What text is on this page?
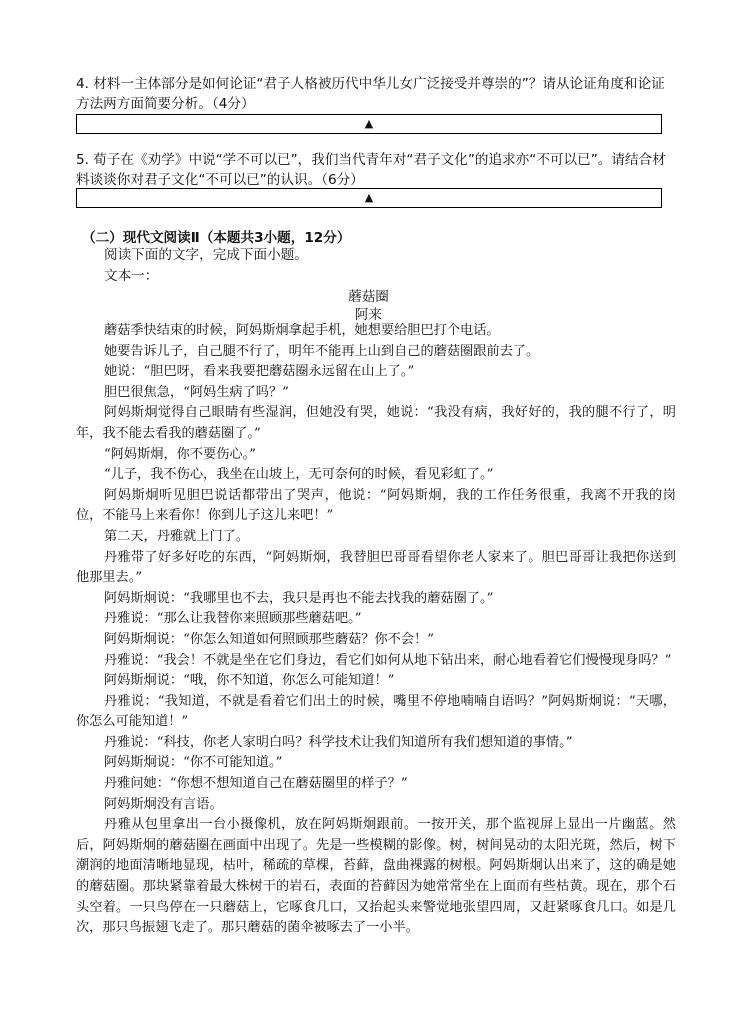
4. 材料一主体部分是如何论证“君子人格被历代中华儿女广泛接受并尊崇的”？请从论证角度和论证方法两方面简要分析。（4分）
▲
5. 荀子在《劝学》中说“学不可以已”，我们当代青年对“君子文化”的追求亦“不可以已”。请结合材料谈谈你对君子文化“不可以已”的认识。（6分）
▲
（二）现代文阅读Ⅱ（本题共3小题，12分）
阅读下面的文字，完成下面小题。
文本一：
蘑菇圈
阿来

蘑菇季快结束的时候，阿妈斯炯拿起手机，她想要给胆巴打个电话。

她要告诉儿子，自己腿不行了，明年不能再上山到自己的蘑菇圈跟前去了。

她说：“胆巴呀，看来我要把蘑菇圈永远留在山上了。”

胆巴很焦急，“阿妈生病了吗？”

阿妈斯炯觉得自己眼睛有些湿润，但她没有哭，她说：“我没有病，我好好的，我的腿不行了，明年，我不能去看我的蘑菇圈了。”

“阿妈斯炯，你不要伤心。”

“儿子，我不伤心，我坐在山坡上，无可奈何的时候，看见彩虹了。”

阿妈斯炯听见胆巴说话都带出了哭声，他说：“阿妈斯炯，我的工作任务很重，我离不开我的岗位，不能马上来看你！你到儿子这儿来吧！”

第二天，丹雅就上门了。

丹雅带了好多好吃的东西，“阿妈斯炯，我替胆巴哥哥看望你老人家来了。胆巴哥哥让我把你送到他那里去。”

阿妈斯炯说：“我哪里也不去，我只是再也不能去找我的蘑菇圈了。”

丹雅说：“那么让我替你来照顾那些蘑菇吧。”

阿妈斯炯说：“你怎么知道如何照顾那些蘑菇？你不会！”

丹雅说：“我会！不就是坐在它们身边，看它们如何从地下钻出来，耐心地看着它们慢慢现身吗？”

阿妈斯炯说：“哦，你不知道，你怎么可能知道！”

丹雅说：“我知道，不就是看着它们出土的时候，嘴里不停地喃喃自语吗？”阿妈斯炯说：“天哪，你怎么可能知道！”

丹雅说：“科技，你老人家明白吗？科学技术让我们知道所有我们想知道的事情。”

阿妈斯炯说：“你不可能知道。”

丹雅问她：“你想不想知道自己在蘑菇圈里的样子？”

阿妈斯炯没有言语。

丹雅从包里拿出一台小摄像机，放在阿妈斯炯跟前。一按开关，那个监视屏上显出一片幽蓝。然后，阿妈斯炯的蘑菇圈在画面中出现了。先是一些模糊的影像。树，树间晃动的太阳光斑，然后，树下潮润的地面清晰地显现，枯叶，稀疏的草棵，苔藓，盘曲裸露的树根。阿妈斯炯认出来了，这的确是她的蘑菇圈。那块紧靠着最大株树干的岩石，表面的苔藓因为她常常坐在上面而有些枯黄。现在，那个石头空着。一只鸟停在一只蘑菇上，它啄食几口，又抬起头来警觉地张望四周，又赶紧啄食几口。如是几次，那只鸟振翅飞走了。那只蘑菇的菌伞被啄去了一小半。
